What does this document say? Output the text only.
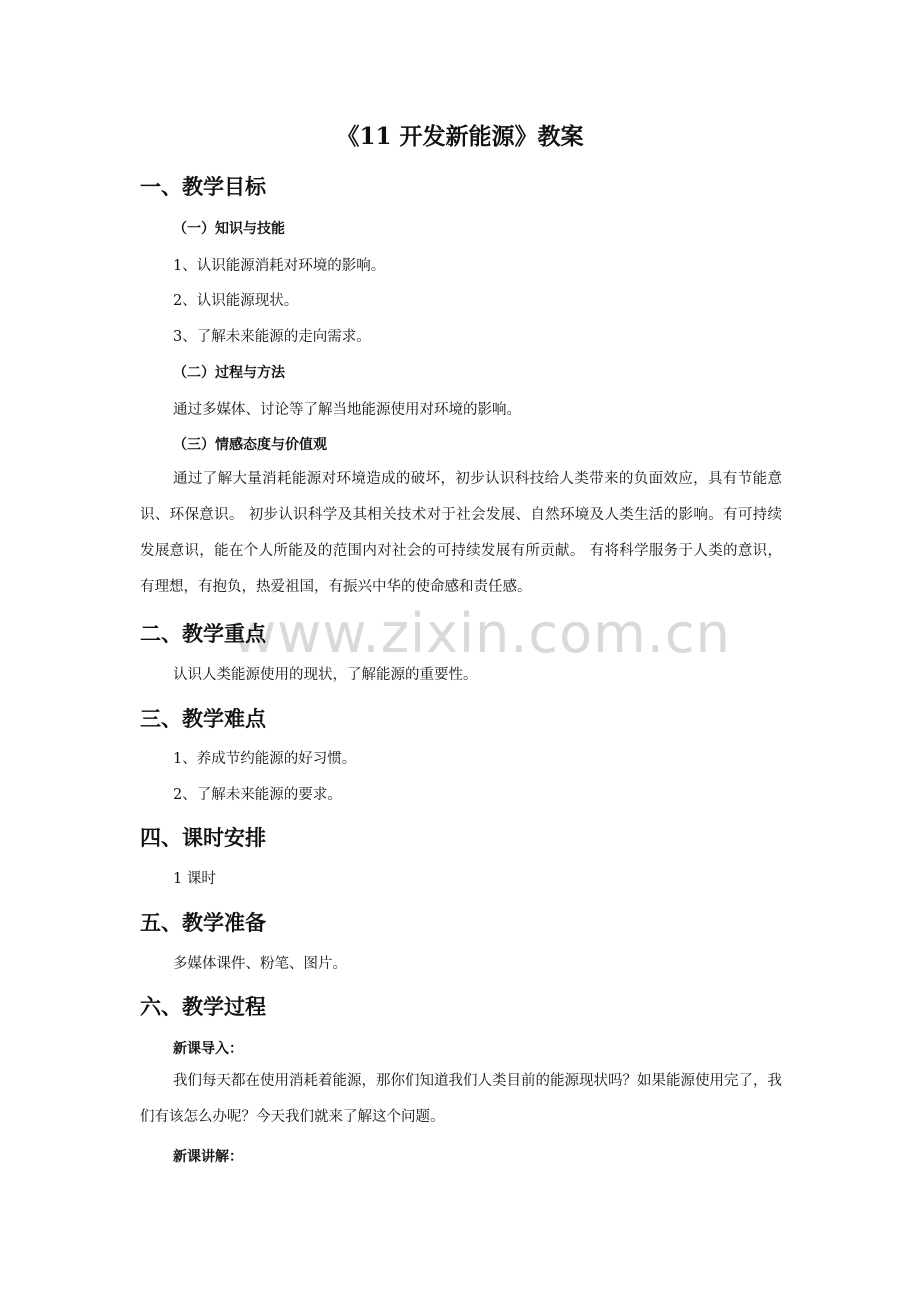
www.zixin.com.cn
《11 开发新能源》教案
一、教学目标
（一）知识与技能
1、认识能源消耗对环境的影响。
2、认识能源现状。
3、了解未来能源的走向需求。
（二）过程与方法
通过多媒体、讨论等了解当地能源使用对环境的影响。
（三）情感态度与价值观
通过了解大量消耗能源对环境造成的破坏，初步认识科技给人类带来的负面效应，具有节能意识、环保意识。 初步认识科学及其相关技术对于社会发展、自然环境及人类生活的影响。有可持续发展意识，能在个人所能及的范围内对社会的可持续发展有所贡献。 有将科学服务于人类的意识，有理想，有抱负，热爱祖国，有振兴中华的使命感和责任感。
二、教学重点
认识人类能源使用的现状，了解能源的重要性。
三、教学难点
1、养成节约能源的好习惯。
2、了解未来能源的要求。
四、课时安排
1 课时
五、教学准备
多媒体课件、粉笔、图片。
六、教学过程
新课导入：
我们每天都在使用消耗着能源，那你们知道我们人类目前的能源现状吗？如果能源使用完了，我们有该怎么办呢？今天我们就来了解这个问题。
新课讲解：
